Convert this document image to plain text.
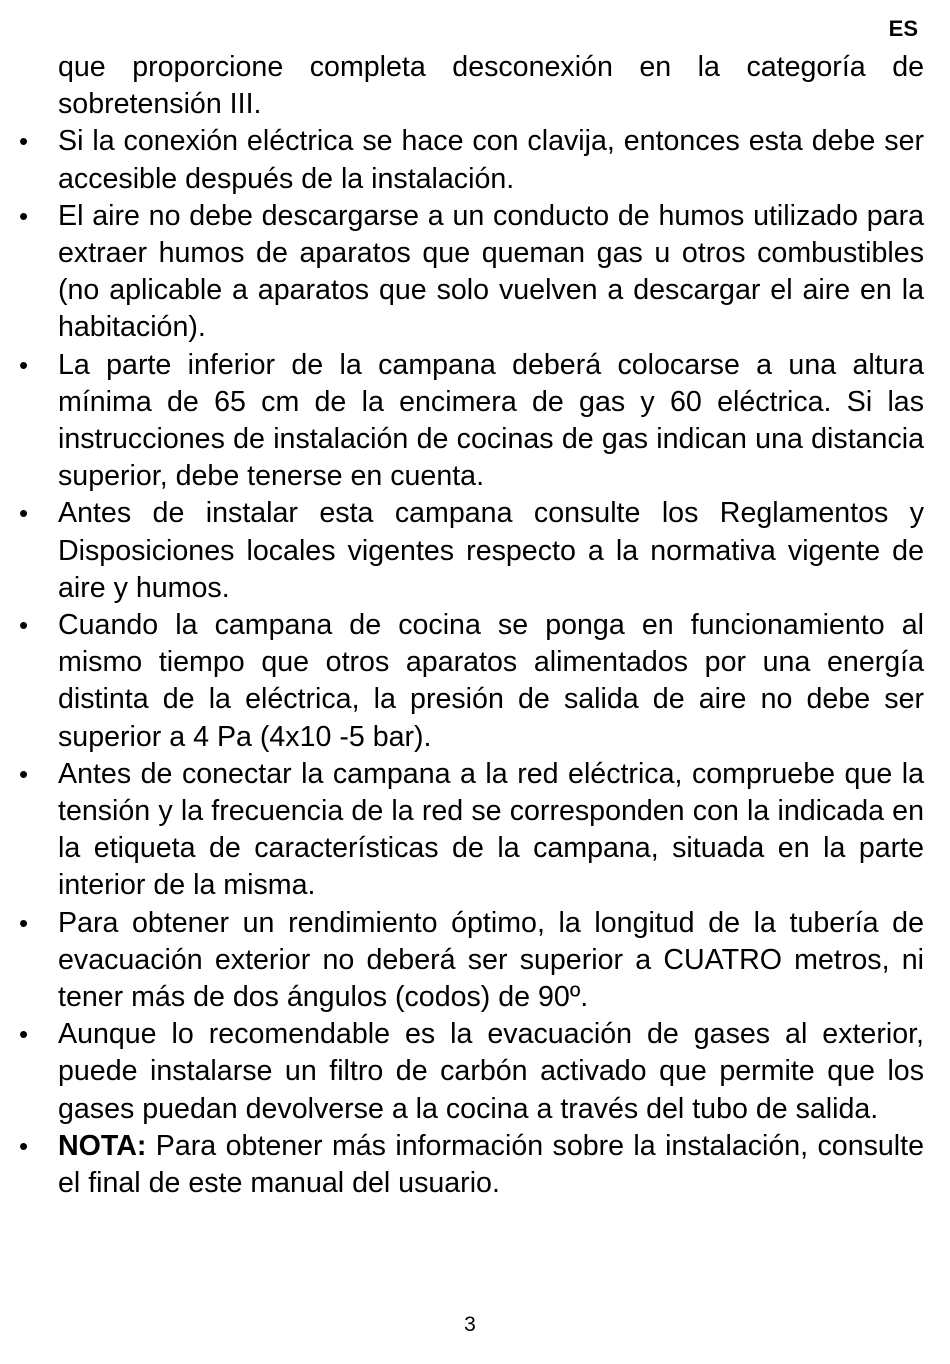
ES

que proporcione completa desconexión en la categoría de sobretensión III.

• Si la conexión eléctrica se hace con clavija, entonces esta debe ser accesible después de la instalación.
• El aire no debe descargarse a un conducto de humos utilizado para extraer humos de aparatos que queman gas u otros combustibles (no aplicable a aparatos que solo vuelven a descargar el aire en la habitación).
• La parte inferior de la campana deberá colocarse a una altura mínima de 65 cm de la encimera de gas y 60 eléctrica. Si las instrucciones de instalación de cocinas de gas indican una distancia superior, debe tenerse en cuenta.
• Antes de instalar esta campana consulte los Reglamentos y Disposiciones locales vigentes respecto a la normativa vigente de aire y humos.
• Cuando la campana de cocina se ponga en funcionamiento al mismo tiempo que otros aparatos alimentados por una energía distinta de la eléctrica, la presión de salida de aire no debe ser superior a 4 Pa (4x10 -5 bar).
• Antes de conectar la campana a la red eléctrica, compruebe que la tensión y la frecuencia de la red se corresponden con la indicada en la etiqueta de características de la campana, situada en la parte interior de la misma.
• Para obtener un rendimiento óptimo, la longitud de la tubería de evacuación exterior no deberá ser superior a CUATRO metros, ni tener más de dos ángulos (codos) de 90º.
• Aunque lo recomendable es la evacuación de gases al exterior, puede instalarse un filtro de carbón activado que permite que los gases puedan devolverse a la cocina a través del tubo de salida.
• NOTA: Para obtener más información sobre la instalación, consulte el final de este manual del usuario.
3
